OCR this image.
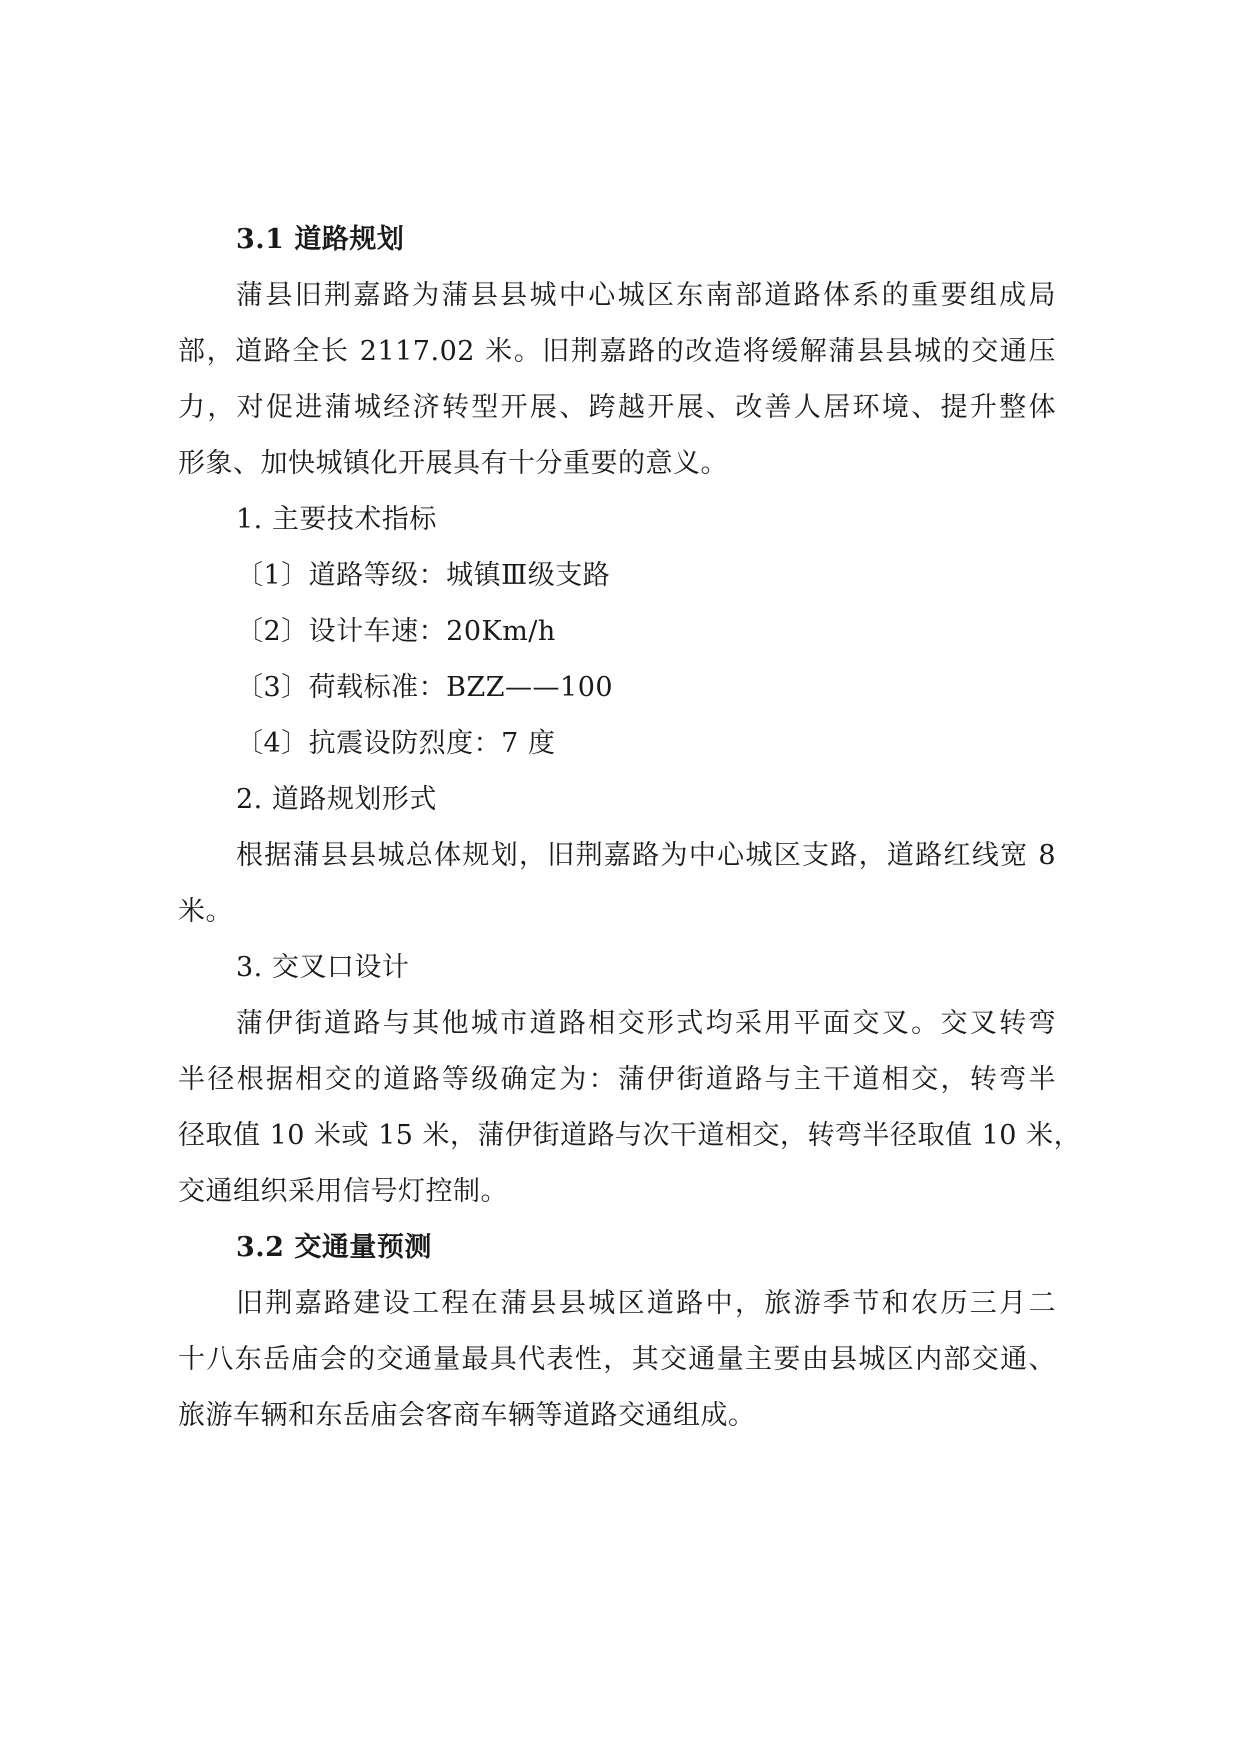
3.1 道路规划
蒲县旧荆嘉路为蒲县县城中心城区东南部道路体系的重要组成局
部，道路全长 2117.02 米。旧荆嘉路的改造将缓解蒲县县城的交通压
力，对促进蒲城经济转型开展、跨越开展、改善人居环境、提升整体
形象、加快城镇化开展具有十分重要的意义。
1. 主要技术指标
〔1〕道路等级：城镇Ⅲ级支路
〔2〕设计车速：20Km/h
〔3〕荷载标准：BZZ——100
〔4〕抗震设防烈度：7 度
2. 道路规划形式
根据蒲县县城总体规划，旧荆嘉路为中心城区支路，道路红线宽 8
米。
3. 交叉口设计
蒲伊街道路与其他城市道路相交形式均采用平面交叉。交叉转弯
半径根据相交的道路等级确定为：蒲伊街道路与主干道相交，转弯半
径取值 10 米或 15 米，蒲伊街道路与次干道相交，转弯半径取值 10 米，
交通组织采用信号灯控制。
3.2 交通量预测
旧荆嘉路建设工程在蒲县县城区道路中，旅游季节和农历三月二
十八东岳庙会的交通量最具代表性，其交通量主要由县城区内部交通、
旅游车辆和东岳庙会客商车辆等道路交通组成。
